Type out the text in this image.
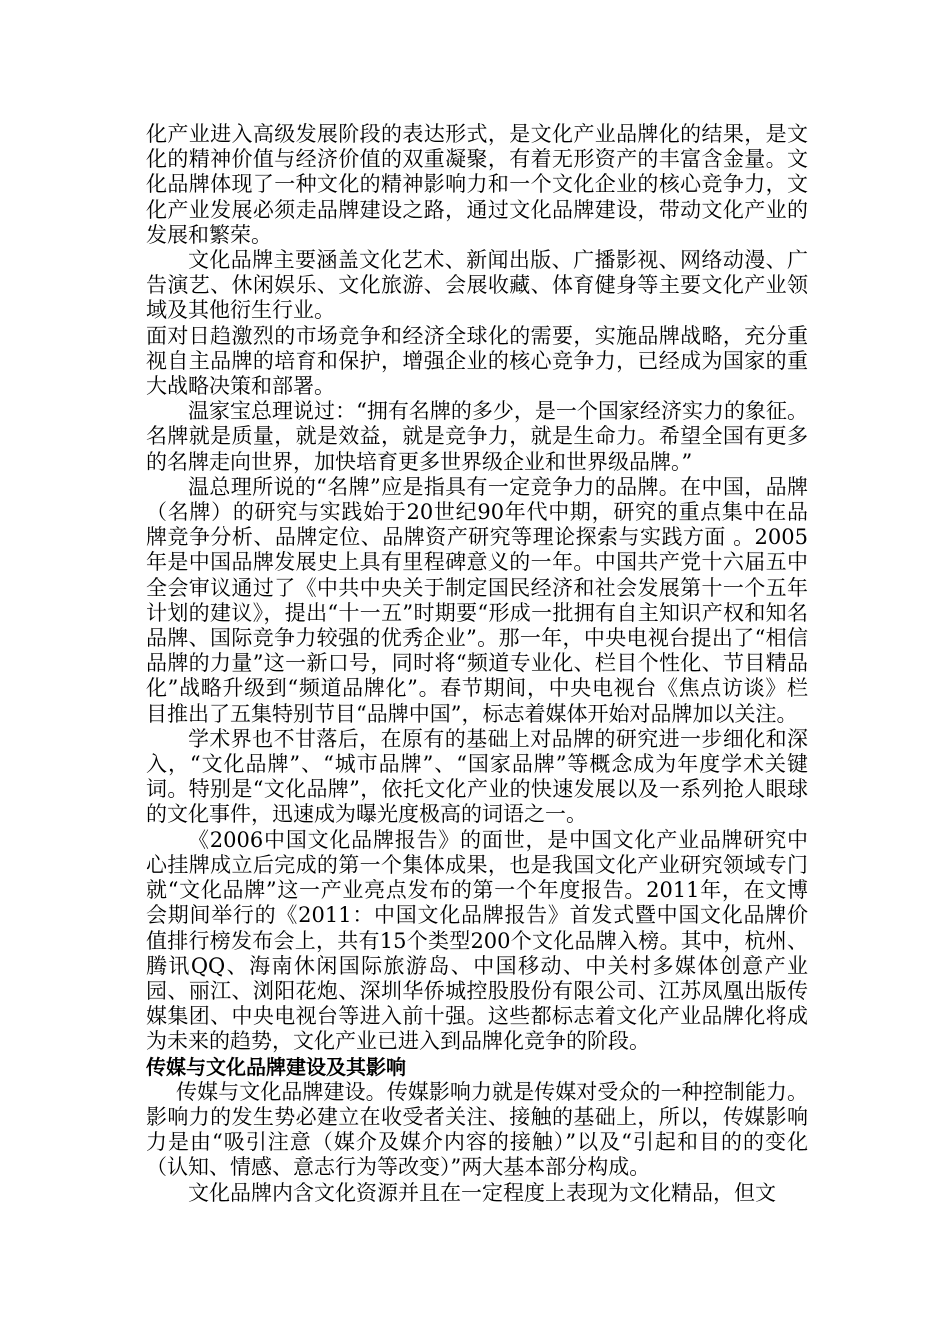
化产业进入高级发展阶段的表达形式，是文化产业品牌化的结果，是文化的精神价值与经济价值的双重凝聚，有着无形资产的丰富含金量。文化品牌体现了一种文化的精神影响力和一个文化企业的核心竞争力，文化产业发展必须走品牌建设之路，通过文化品牌建设，带动文化产业的发展和繁荣。

文化品牌主要涵盖文化艺术、新闻出版、广播影视、网络动漫、广告演艺、休闲娱乐、文化旅游、会展收藏、体育健身等主要文化产业领域及其他衍生行业。

面对日趋激烈的市场竞争和经济全球化的需要，实施品牌战略，充分重视自主品牌的培育和保护，增强企业的核心竞争力，已经成为国家的重大战略决策和部署。

温家宝总理说过：“拥有名牌的多少，是一个国家经济实力的象征。名牌就是质量，就是效益，就是竞争力，就是生命力。希望全国有更多的名牌走向世界，加快培育更多世界级企业和世界级品牌。”

温总理所说的“名牌”应是指具有一定竞争力的品牌。在中国，品牌（名牌）的研究与实践始于20世纪90年代中期，研究的重点集中在品牌竞争分析、品牌定位、品牌资产研究等理论探索与实践方面 。2005年是中国品牌发展史上具有里程碑意义的一年。中国共产党十六届五中全会审议通过了《中共中央关于制定国民经济和社会发展第十一个五年计划的建议》，提出“十一五”时期要“形成一批拥有自主知识产权和知名品牌、国际竞争力较强的优秀企业”。那一年，中央电视台提出了“相信品牌的力量”这一新口号，同时将“频道专业化、栏目个性化、节目精品化”战略升级到“频道品牌化”。春节期间，中央电视台《焦点访谈》栏目推出了五集特别节目“品牌中国”，标志着媒体开始对品牌加以关注。

学术界也不甘落后，在原有的基础上对品牌的研究进一步细化和深入，“文化品牌”、“城市品牌”、“国家品牌”等概念成为年度学术关键词。特别是“文化品牌”，依托文化产业的快速发展以及一系列抢人眼球的文化事件，迅速成为曝光度极高的词语之一。

《2006中国文化品牌报告》的面世，是中国文化产业品牌研究中心挂牌成立后完成的第一个集体成果，也是我国文化产业研究领域专门就“文化品牌”这一产业亮点发布的第一个年度报告。2011年，在文博会期间举行的《2011：中国文化品牌报告》首发式暨中国文化品牌价值排行榜发布会上，共有15个类型200个文化品牌入榜。其中，杭州、腾讯QQ、海南休闲国际旅游岛、中国移动、中关村多媒体创意产业园、丽江、浏阳花炮、深圳华侨城控股股份有限公司、江苏凤凰出版传媒集团、中央电视台等进入前十强。这些都标志着文化产业品牌化将成为未来的趋势，文化产业已进入到品牌化竞争的阶段。

传媒与文化品牌建设及其影响

传媒与文化品牌建设。传媒影响力就是传媒对受众的一种控制能力。影响力的发生势必建立在收受者关注、接触的基础上，所以，传媒影响力是由“吸引注意（媒介及媒介内容的接触）”以及“引起和目的的变化（认知、情感、意志行为等改变）”两大基本部分构成。

文化品牌内含文化资源并且在一定程度上表现为文化精品，但文
